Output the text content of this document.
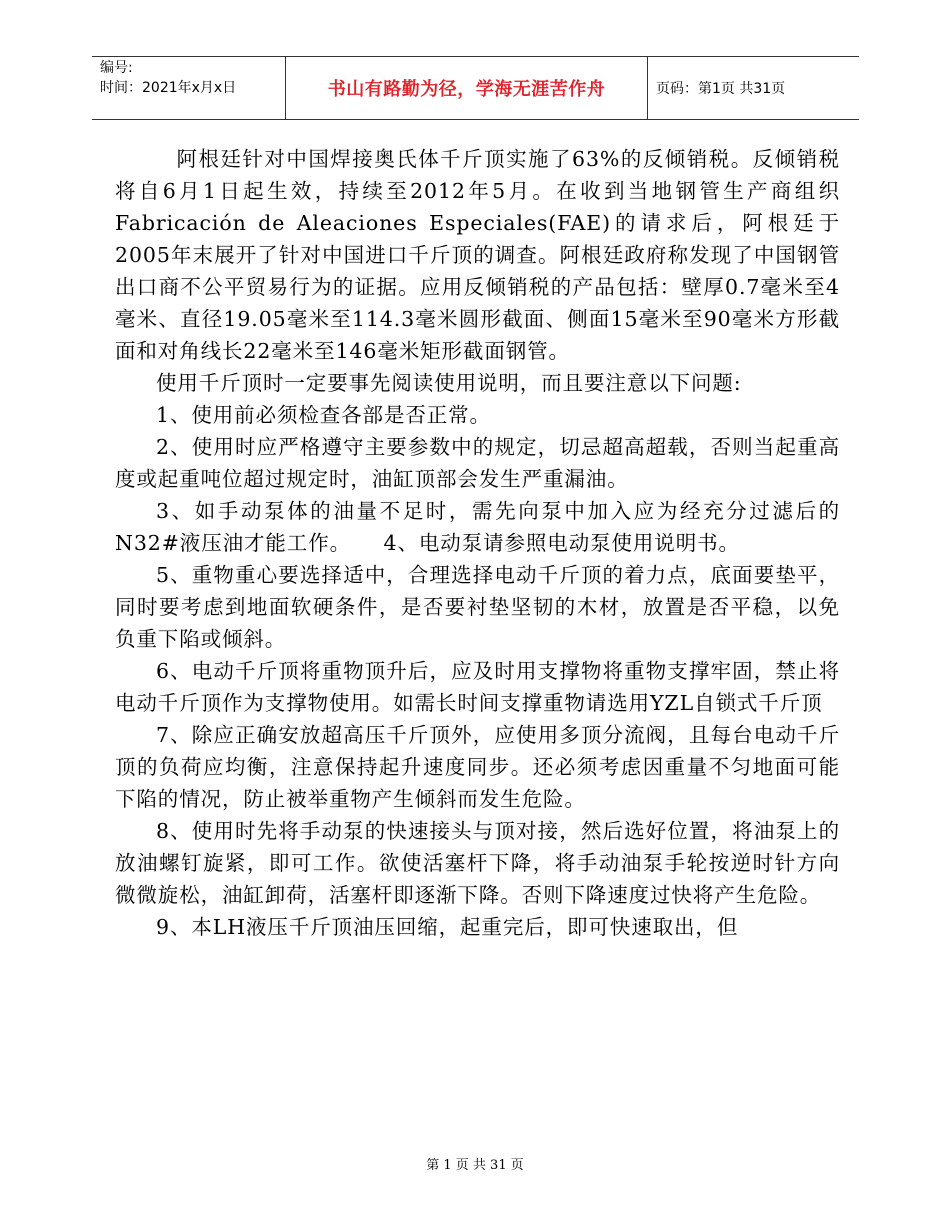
编号:
时间：2021年x月x日	书山有路勤为径，学海无涯苦作舟	页码：第1页 共31页

阿根廷针对中国焊接奥氏体千斤顶实施了63%的反倾销税。反倾销税将自6月1日起生效，持续至2012年5月。在收到当地钢管生产商组织Fabricación de Aleaciones Especiales(FAE)的请求后，阿根廷于2005年末展开了针对中国进口千斤顶的调查。阿根廷政府称发现了中国钢管出口商不公平贸易行为的证据。应用反倾销税的产品包括：壁厚0.7毫米至4毫米、直径19.05毫米至114.3毫米圆形截面、侧面15毫米至90毫米方形截面和对角线长22毫米至146毫米矩形截面钢管。

使用千斤顶时一定要事先阅读使用说明，而且要注意以下问题:

1、使用前必须检查各部是否正常。

2、使用时应严格遵守主要参数中的规定，切忌超高超载，否则当起重高度或起重吨位超过规定时，油缸顶部会发生严重漏油。

3、如手动泵体的油量不足时，需先向泵中加入应为经充分过滤后的N32#液压油才能工作。　　4、电动泵请参照电动泵使用说明书。

5、重物重心要选择适中，合理选择电动千斤顶的着力点，底面要垫平，同时要考虑到地面软硬条件，是否要衬垫坚韧的木材，放置是否平稳，以免负重下陷或倾斜。

6、电动千斤顶将重物顶升后，应及时用支撑物将重物支撑牢固，禁止将电动千斤顶作为支撑物使用。如需长时间支撑重物请选用YZL自锁式千斤顶

7、除应正确安放超高压千斤顶外，应使用多顶分流阀，且每台电动千斤顶的负荷应均衡，注意保持起升速度同步。还必须考虑因重量不匀地面可能下陷的情况，防止被举重物产生倾斜而发生危险。

8、使用时先将手动泵的快速接头与顶对接，然后选好位置，将油泵上的放油螺钉旋紧，即可工作。欲使活塞杆下降，将手动油泵手轮按逆时针方向微微旋松，油缸卸荷，活塞杆即逐渐下降。否则下降速度过快将产生危险。

9、本LH液压千斤顶油压回缩，起重完后，即可快速取出，但

第 1 页 共 31 页
